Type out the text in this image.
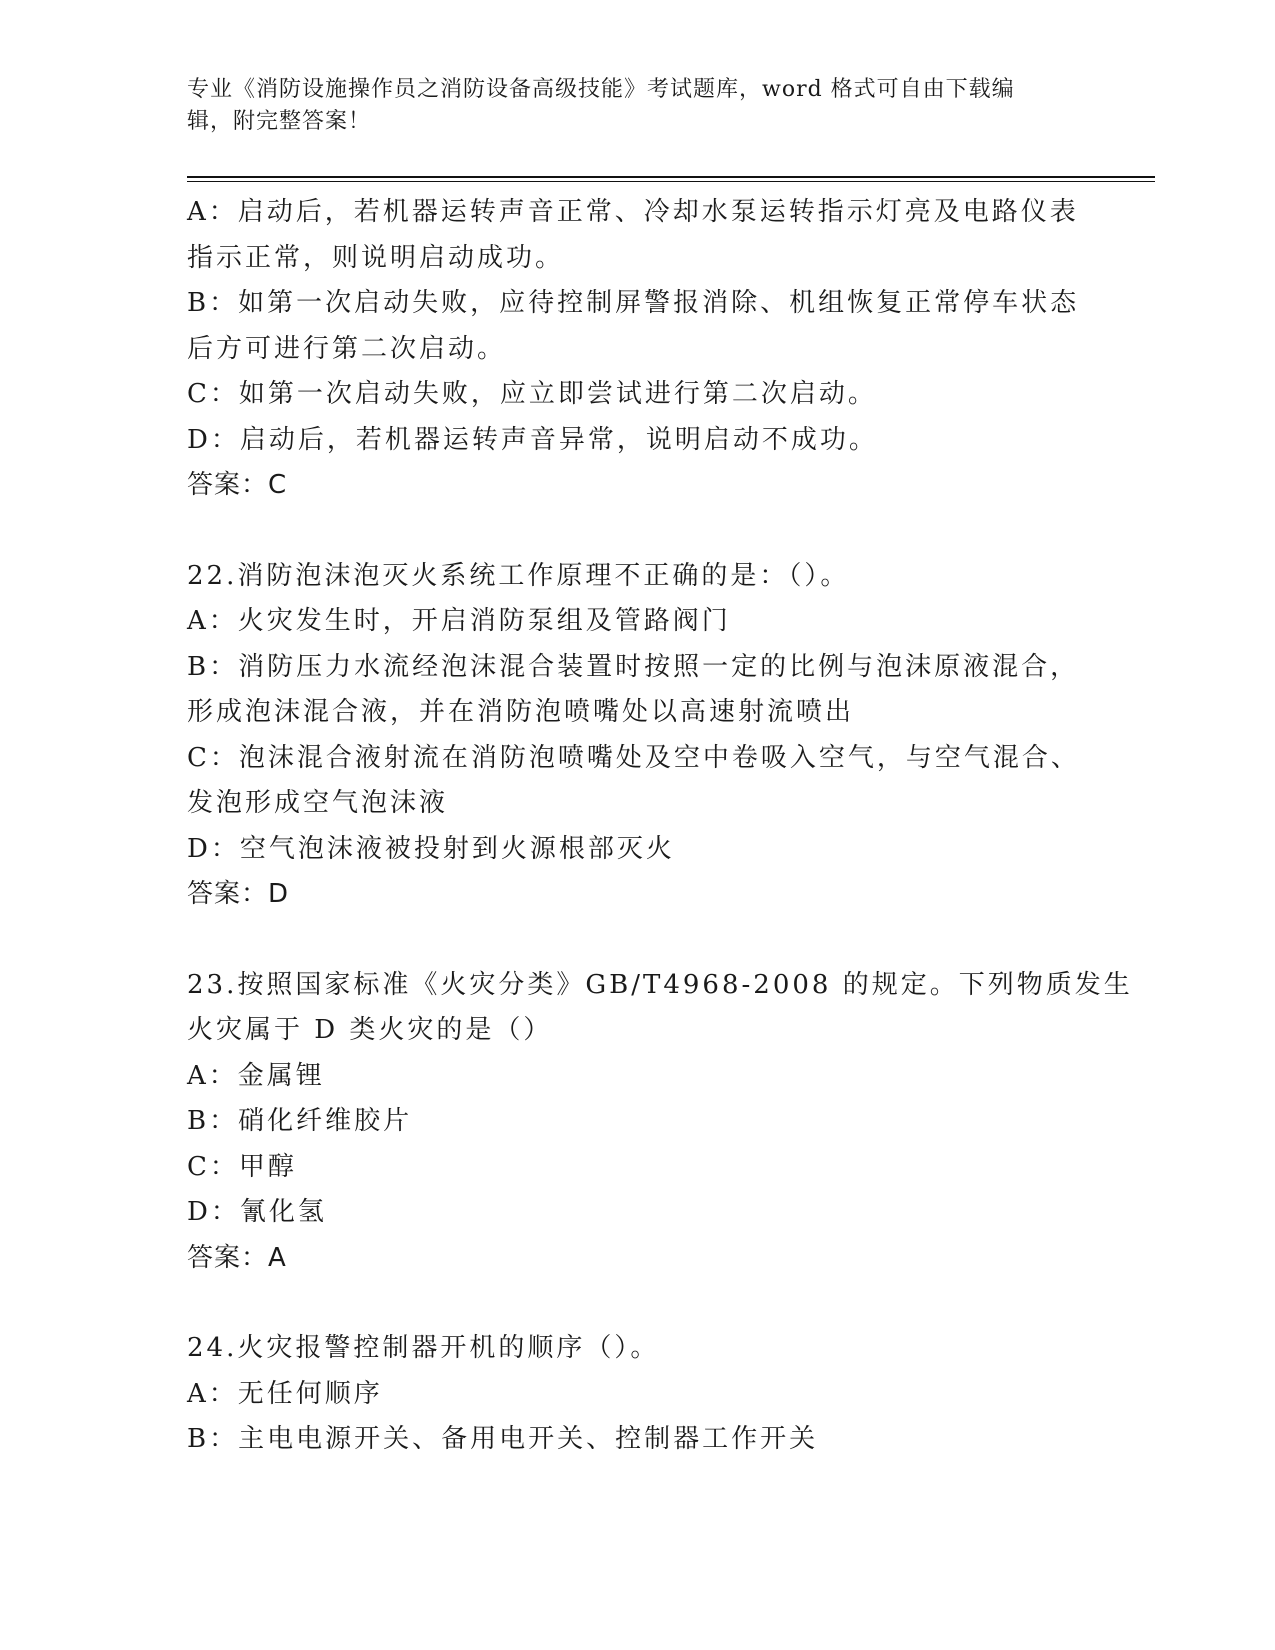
专业《消防设施操作员之消防设备高级技能》考试题库，word 格式可自由下载编
辑，附完整答案！
A：启动后，若机器运转声音正常、冷却水泵运转指示灯亮及电路仪表
指示正常，则说明启动成功。
B：如第一次启动失败，应待控制屏警报消除、机组恢复正常停车状态
后方可进行第二次启动。
C：如第一次启动失败，应立即尝试进行第二次启动。
D：启动后，若机器运转声音异常，说明启动不成功。
答案：C
22.消防泡沫泡灭火系统工作原理不正确的是：（）。
A：火灾发生时，开启消防泵组及管路阀门
B：消防压力水流经泡沫混合装置时按照一定的比例与泡沫原液混合，
形成泡沫混合液，并在消防泡喷嘴处以高速射流喷出
C：泡沫混合液射流在消防泡喷嘴处及空中卷吸入空气，与空气混合、
发泡形成空气泡沫液
D：空气泡沫液被投射到火源根部灭火
答案：D
23.按照国家标准《火灾分类》GB/T4968-2008 的规定。下列物质发生
火灾属于 D 类火灾的是（）
A：金属锂
B：硝化纤维胶片
C：甲醇
D：氰化氢
答案：A
24.火灾报警控制器开机的顺序（）。
A：无任何顺序
B：主电电源开关、备用电开关、控制器工作开关
